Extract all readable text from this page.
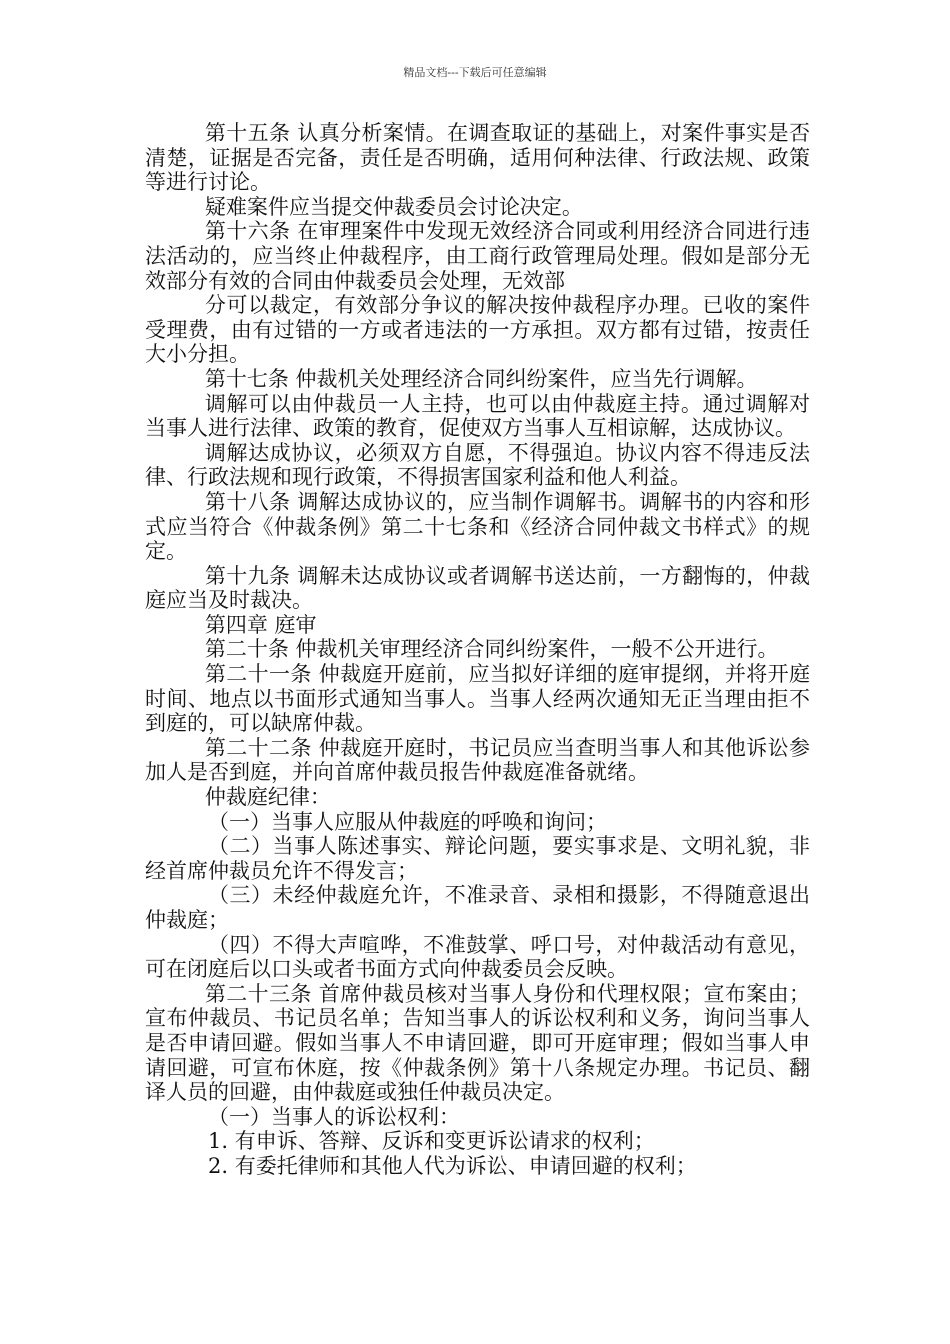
精品文档---下载后可任意编辑

第十五条 认真分析案情。在调查取证的基础上，对案件事实是否清楚，证据是否完备，责任是否明确，适用何种法律、行政法规、政策等进行讨论。

疑难案件应当提交仲裁委员会讨论决定。

第十六条 在审理案件中发现无效经济合同或利用经济合同进行违法活动的，应当终止仲裁程序，由工商行政管理局处理。假如是部分无效部分有效的合同由仲裁委员会处理，无效部

分可以裁定，有效部分争议的解决按仲裁程序办理。已收的案件受理费，由有过错的一方或者违法的一方承担。双方都有过错，按责任大小分担。

第十七条 仲裁机关处理经济合同纠纷案件，应当先行调解。

调解可以由仲裁员一人主持，也可以由仲裁庭主持。通过调解对当事人进行法律、政策的教育，促使双方当事人互相谅解，达成协议。

调解达成协议，必须双方自愿，不得强迫。协议内容不得违反法律、行政法规和现行政策，不得损害国家利益和他人利益。

第十八条 调解达成协议的，应当制作调解书。调解书的内容和形式应当符合《仲裁条例》第二十七条和《经济合同仲裁文书样式》的规定。

第十九条 调解未达成协议或者调解书送达前，一方翻悔的，仲裁庭应当及时裁决。

第四章 庭审

第二十条 仲裁机关审理经济合同纠纷案件，一般不公开进行。

第二十一条 仲裁庭开庭前，应当拟好详细的庭审提纲，并将开庭时间、地点以书面形式通知当事人。当事人经两次通知无正当理由拒不到庭的，可以缺席仲裁。

第二十二条 仲裁庭开庭时，书记员应当查明当事人和其他诉讼参加人是否到庭，并向首席仲裁员报告仲裁庭准备就绪。

仲裁庭纪律：

（一）当事人应服从仲裁庭的呼唤和询问；

（二）当事人陈述事实、辩论问题，要实事求是、文明礼貌，非经首席仲裁员允许不得发言；

（三）未经仲裁庭允许，不准录音、录相和摄影，不得随意退出仲裁庭；

（四）不得大声喧哗，不准鼓掌、呼口号，对仲裁活动有意见，可在闭庭后以口头或者书面方式向仲裁委员会反映。

第二十三条 首席仲裁员核对当事人身份和代理权限；宣布案由；宣布仲裁员、书记员名单；告知当事人的诉讼权利和义务，询问当事人是否申请回避。假如当事人不申请回避，即可开庭审理；假如当事人申请回避，可宣布休庭，按《仲裁条例》第十八条规定办理。书记员、翻译人员的回避，由仲裁庭或独任仲裁员决定。

（一）当事人的诉讼权利：

1. 有申诉、答辩、反诉和变更诉讼请求的权利；

2. 有委托律师和其他人代为诉讼、申请回避的权利；
